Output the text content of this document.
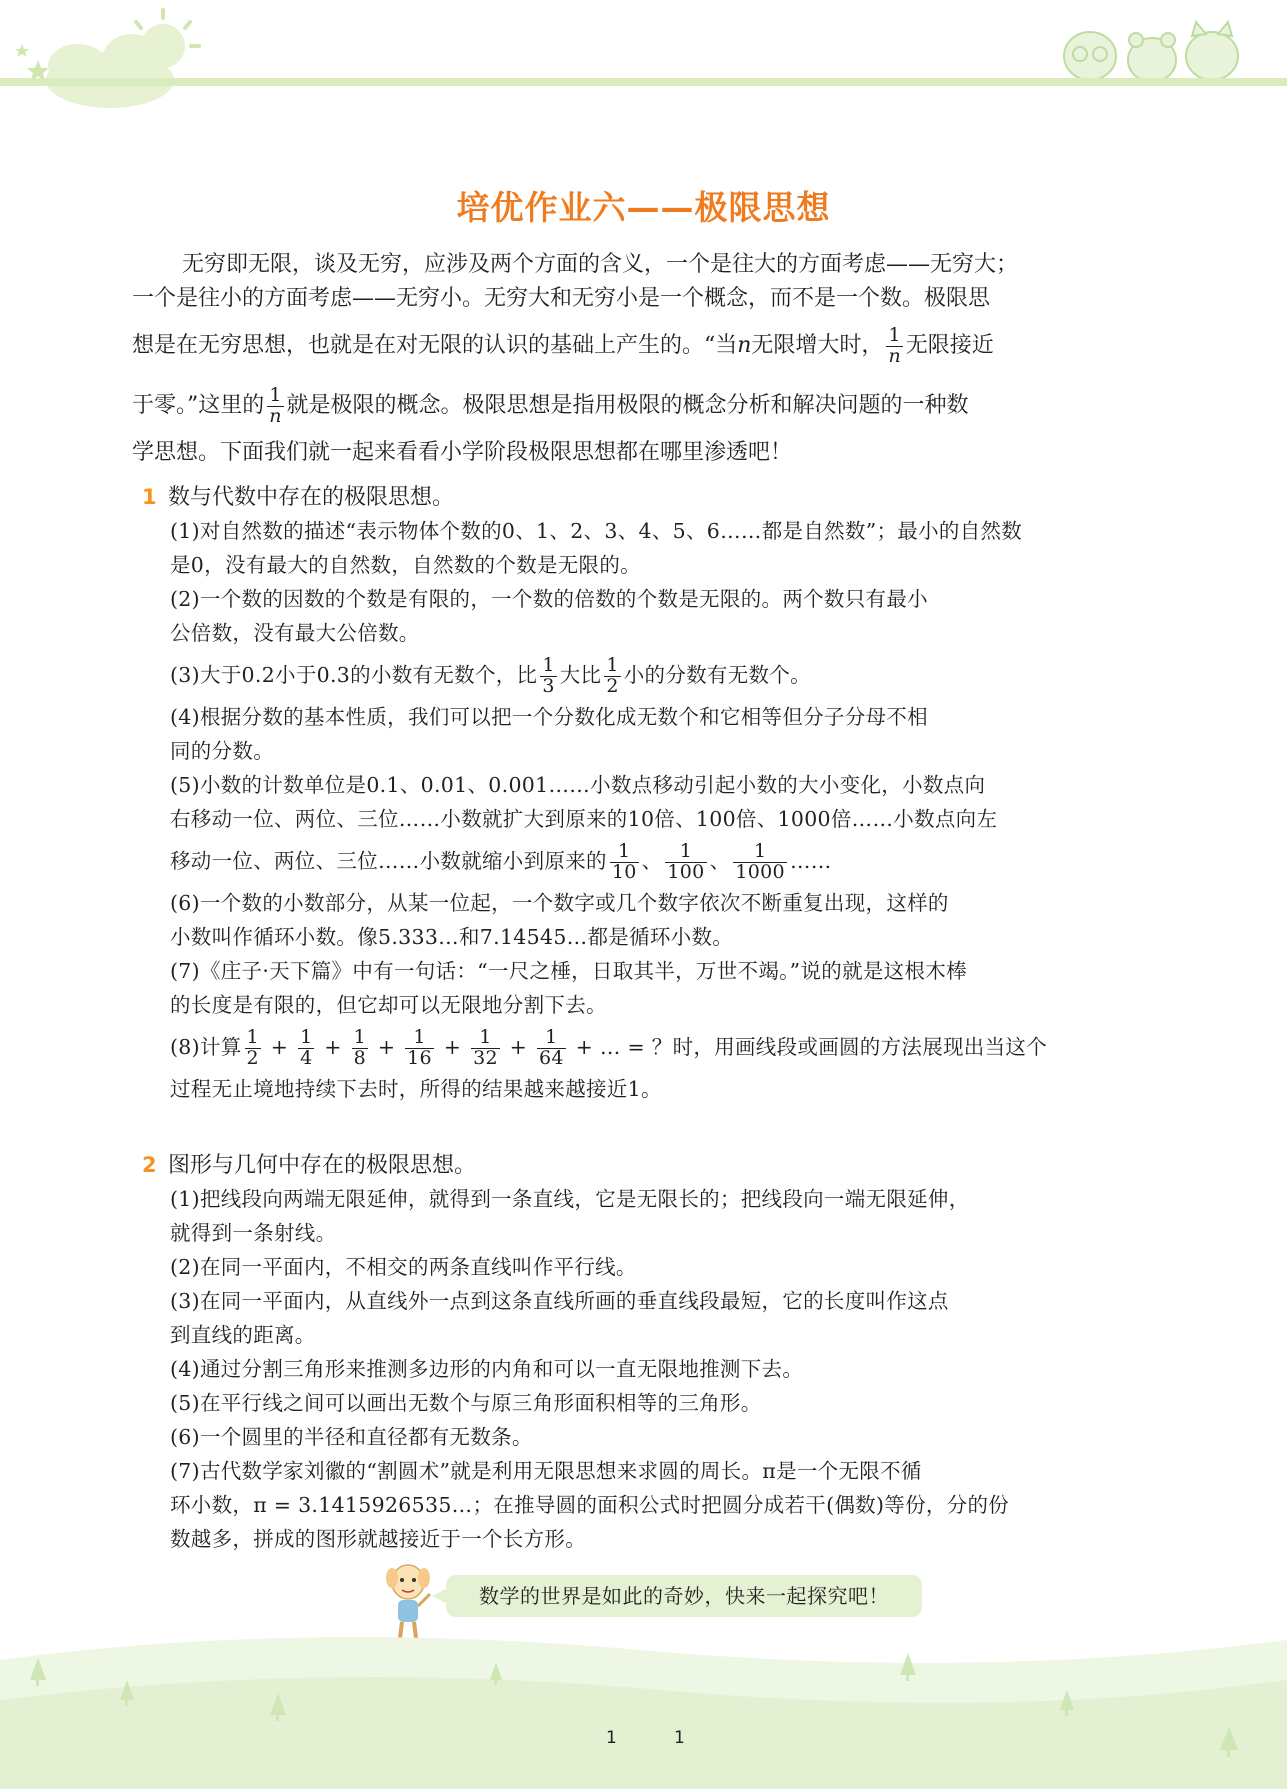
培优作业六——极限思想
无穷即无限，谈及无穷，应涉及两个方面的含义，一个是往大的方面考虑——无穷大；
一个是往小的方面考虑——无穷小。无穷大和无穷小是一个概念，而不是一个数。极限思
想是在无穷思想，也就是在对无限的认识的基础上产生的。“当n无限增大时， $\frac{1}{n}$ 无限接近
于零。”这里的 $\frac{1}{n}$ 就是极限的概念。极限思想是指用极限的概念分析和解决问题的一种数
学思想。下面我们就一起来看看小学阶段极限思想都在哪里渗透吧！
1 数与代数中存在的极限思想。
(1)对自然数的描述“表示物体个数的0、1、2、3、4、5、6……都是自然数”；最小的自然数
是0，没有最大的自然数，自然数的个数是无限的。
(2)一个数的因数的个数是有限的，一个数的倍数的个数是无限的。两个数只有最小
公倍数，没有最大公倍数。
(3)大于0.2小于0.3的小数有无数个，比 $\frac{1}{3}$ 大比 $\frac{1}{2}$ 小的分数有无数个。
(4)根据分数的基本性质，我们可以把一个分数化成无数个和它相等但分子分母不相
同的分数。
(5)小数的计数单位是0.1、0.01、0.001……小数点移动引起小数的大小变化，小数点向
右移动一位、两位、三位……小数就扩大到原来的10倍、100倍、1000倍……小数点向左
移动一位、两位、三位……小数就缩小到原来的 $\frac{1}{10}$ 、 $\frac{1}{100}$ 、 $\frac{1}{1000}$ ……
(6)一个数的小数部分，从某一位起，一个数字或几个数字依次不断重复出现，这样的
小数叫作循环小数。像5.333…和7.14545…都是循环小数。
(7)《庄子·天下篇》中有一句话：“一尺之棰，日取其半，万世不竭。”说的就是这根木棒
的长度是有限的，但它却可以无限地分割下去。
(8)计算 $\frac{1}{2} + \frac{1}{4} + \frac{1}{8} + \frac{1}{16} + \frac{1}{32} + \frac{1}{64}$ + … = ？时，用画线段或画圆的方法展现出当这个
过程无止境地持续下去时，所得的结果越来越接近1。
2 图形与几何中存在的极限思想。
(1)把线段向两端无限延伸，就得到一条直线，它是无限长的；把线段向一端无限延伸，
就得到一条射线。
(2)在同一平面内，不相交的两条直线叫作平行线。
(3)在同一平面内，从直线外一点到这条直线所画的垂直线段最短，它的长度叫作这点
到直线的距离。
(4)通过分割三角形来推测多边形的内角和可以一直无限地推测下去。
(5)在平行线之间可以画出无数个与原三角形面积相等的三角形。
(6)一个圆里的半径和直径都有无数条。
(7)古代数学家刘徽的“割圆术”就是利用无限思想来求圆的周长。π是一个无限不循
环小数，π = 3.1415926535…；在推导圆的面积公式时把圆分成若干(偶数)等份，分的份
数越多，拼成的图形就越接近于一个长方形。
数学的世界是如此的奇妙，快来一起探究吧！
1	1
